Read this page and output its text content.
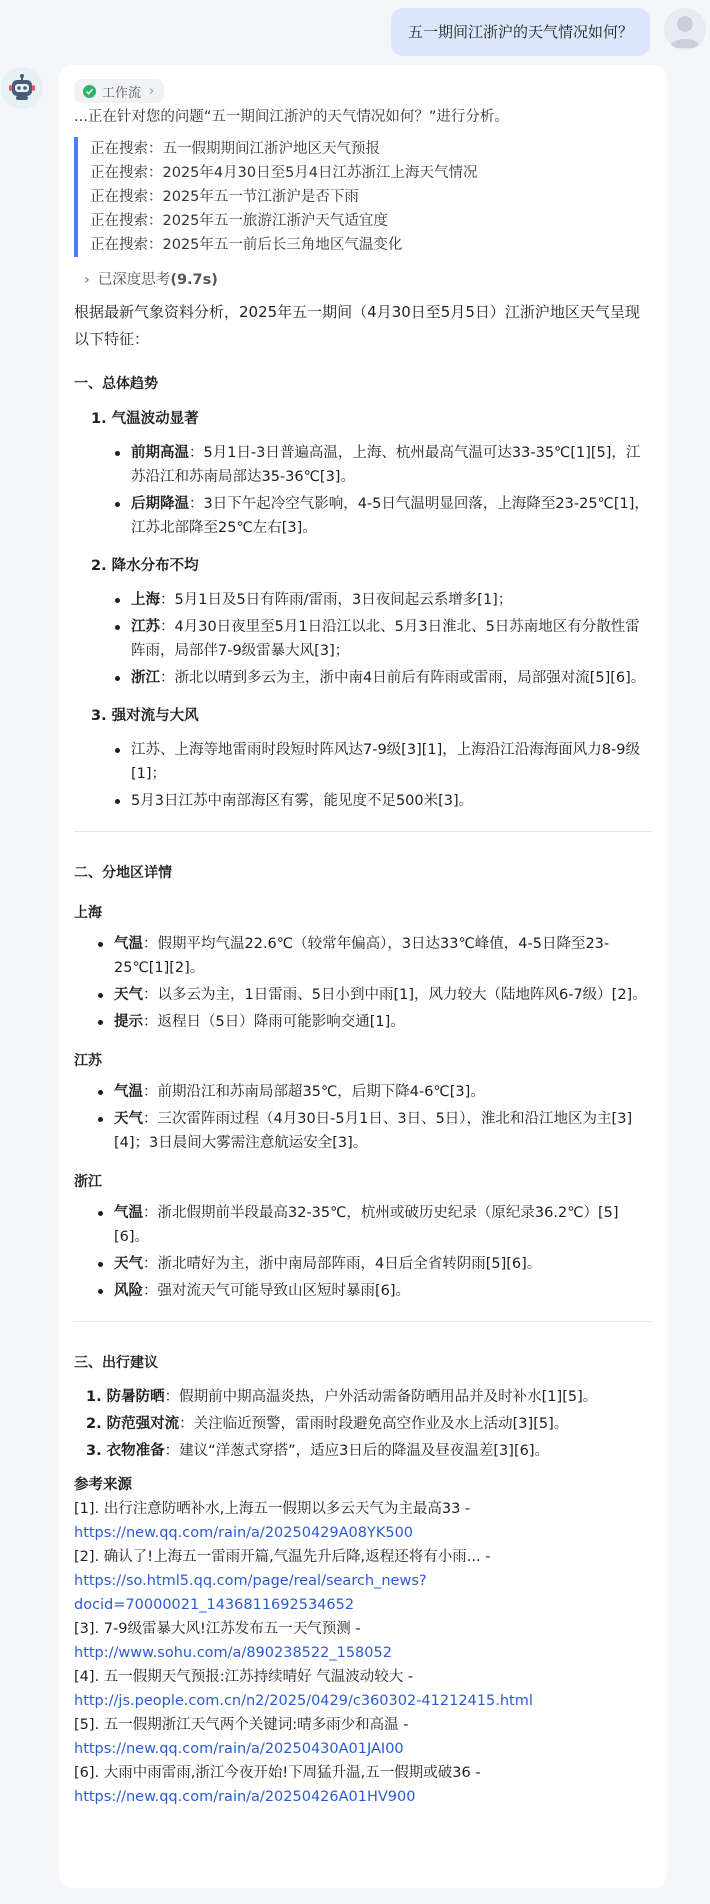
五一期间江浙沪的天气情况如何？
工作流 ›
...正在针对您的问题“五一期间江浙沪的天气情况如何？”进行分析。
正在搜索：五一假期期间江浙沪地区天气预报
正在搜索：2025年4月30日至5月4日江苏浙江上海天气情况
正在搜索：2025年五一节江浙沪是否下雨
正在搜索：2025年五一旅游江浙沪天气适宜度
正在搜索：2025年五一前后长三角地区气温变化
› 已深度思考(9.7s)
根据最新气象资料分析，2025年五一期间（4月30日至5月5日）江浙沪地区天气呈现以下特征：
一、总体趋势
1. 气温波动显著
前期高温：5月1日-3日普遍高温，上海、杭州最高气温可达33-35℃[1][5]，江苏沿江和苏南局部达35-36℃[3]。
后期降温：3日下午起冷空气影响，4-5日气温明显回落，上海降至23-25℃[1]，江苏北部降至25℃左右[3]。
2. 降水分布不均
上海：5月1日及5日有阵雨/雷雨，3日夜间起云系增多[1]；
江苏：4月30日夜里至5月1日沿江以北、5月3日淮北、5日苏南地区有分散性雷阵雨，局部伴7-9级雷暴大风[3]；
浙江：浙北以晴到多云为主，浙中南4日前后有阵雨或雷雨，局部强对流[5][6]。
3. 强对流与大风
江苏、上海等地雷雨时段短时阵风达7-9级[3][1]，上海沿江沿海海面风力8-9级[1]；
5月3日江苏中南部海区有雾，能见度不足500米[3]。
二、分地区详情
上海
气温：假期平均气温22.6℃（较常年偏高），3日达33℃峰值，4-5日降至23-25℃[1][2]。
天气：以多云为主，1日雷雨、5日小到中雨[1]，风力较大（陆地阵风6-7级）[2]。
提示：返程日（5日）降雨可能影响交通[1]。
江苏
气温：前期沿江和苏南局部超35℃，后期下降4-6℃[3]。
天气：三次雷阵雨过程（4月30日-5月1日、3日、5日），淮北和沿江地区为主[3][4]；3日晨间大雾需注意航运安全[3]。
浙江
气温：浙北假期前半段最高32-35℃，杭州或破历史纪录（原纪录36.2℃）[5][6]。
天气：浙北晴好为主，浙中南局部阵雨，4日后全省转阴雨[5][6]。
风险：强对流天气可能导致山区短时暴雨[6]。
三、出行建议
1. 防暑防晒：假期前中期高温炎热，户外活动需备防晒用品并及时补水[1][5]。
2. 防范强对流：关注临近预警，雷雨时段避免高空作业及水上活动[3][5]。
3. 衣物准备：建议“洋葱式穿搭”，适应3日后的降温及昼夜温差[3][6]。
参考来源
[1]. 出行注意防晒补水,上海五一假期以多云天气为主最高33 -
https://new.qq.com/rain/a/20250429A08YK500
[2]. 确认了!上海五一雷雨开篇,气温先升后降,返程还将有小雨... -
https://so.html5.qq.com/page/real/search_news?
docid=70000021_1436811692534652
[3]. 7-9级雷暴大风!江苏发布五一天气预测 -
http://www.sohu.com/a/890238522_158052
[4]. 五一假期天气预报:江苏持续晴好 气温波动较大 -
http://js.people.com.cn/n2/2025/0429/c360302-41212415.html
[5]. 五一假期浙江天气两个关键词:晴多雨少和高温 -
https://new.qq.com/rain/a/20250430A01JAI00
[6]. 大雨中雨雷雨,浙江今夜开始!下周猛升温,五一假期或破36 -
https://new.qq.com/rain/a/20250426A01HV900
